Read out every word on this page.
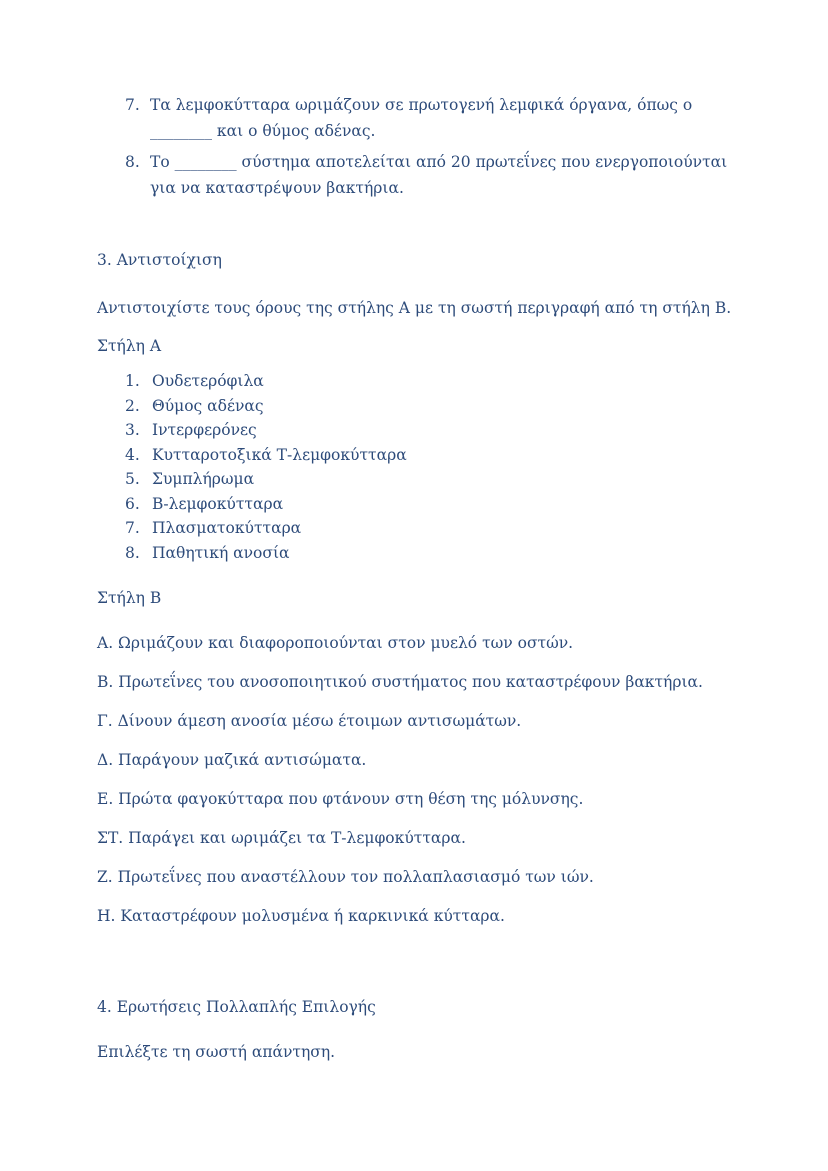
7. Τα λεμφοκύτταρα ωριμάζουν σε πρωτογενή λεμφικά όργανα, όπως ο ________ και ο θύμος αδένας.
8. Το ________ σύστημα αποτελείται από 20 πρωτεΐνες που ενεργοποιούνται για να καταστρέψουν βακτήρια.

3. Αντιστοίχιση

Αντιστοιχίστε τους όρους της στήλης Α με τη σωστή περιγραφή από τη στήλη Β.

Στήλη Α

1. Ουδετερόφιλα
2. Θύμος αδένας
3. Ιντερφερόνες
4. Κυτταροτοξικά Τ-λεμφοκύτταρα
5. Συμπλήρωμα
6. Β-λεμφοκύτταρα
7. Πλασματοκύτταρα
8. Παθητική ανοσία

Στήλη Β

Α. Ωριμάζουν και διαφοροποιούνται στον μυελό των οστών.

Β. Πρωτεΐνες του ανοσοποιητικού συστήματος που καταστρέφουν βακτήρια.

Γ. Δίνουν άμεση ανοσία μέσω έτοιμων αντισωμάτων.

Δ. Παράγουν μαζικά αντισώματα.

Ε. Πρώτα φαγοκύτταρα που φτάνουν στη θέση της μόλυνσης.

ΣΤ. Παράγει και ωριμάζει τα Τ-λεμφοκύτταρα.

Ζ. Πρωτεΐνες που αναστέλλουν τον πολλαπλασιασμό των ιών.

Η. Καταστρέφουν μολυσμένα ή καρκινικά κύτταρα.

4. Ερωτήσεις Πολλαπλής Επιλογής

Επιλέξτε τη σωστή απάντηση.
